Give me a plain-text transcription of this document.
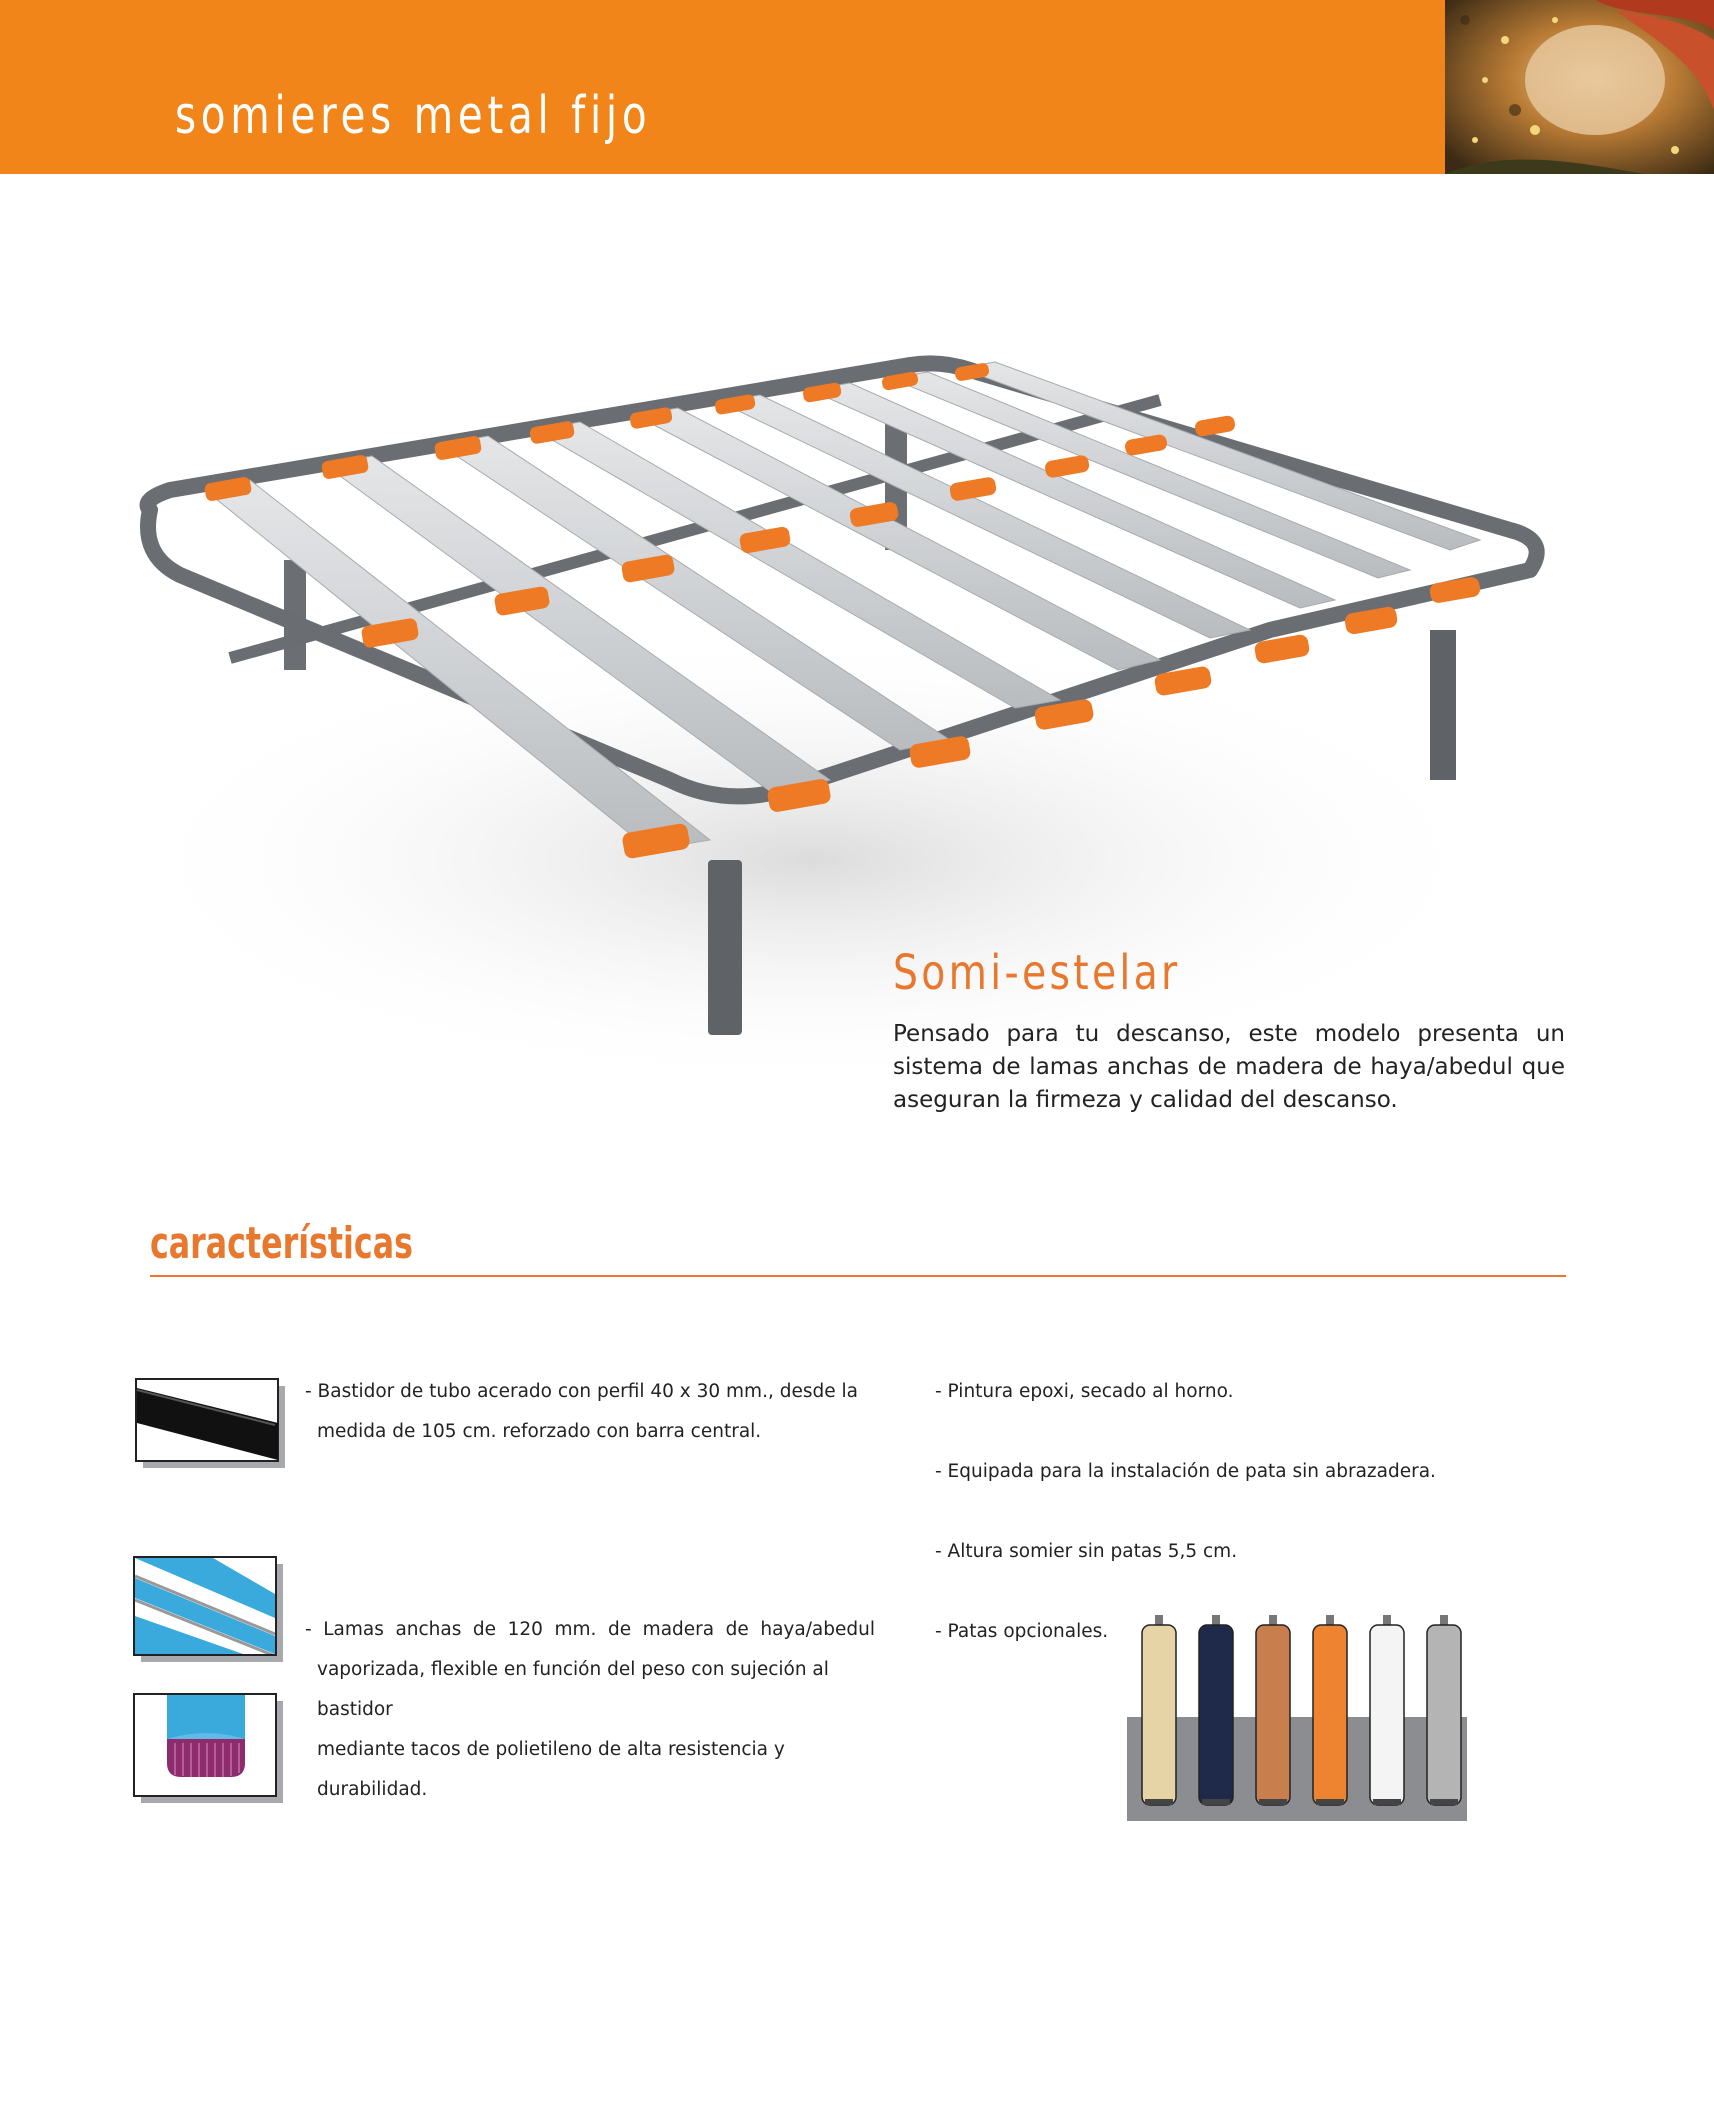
somieres metal fijo
Somi-estelar

Pensado para tu descanso, este modelo presenta un sistema de lamas anchas de madera de haya/abedul que aseguran la firmeza y calidad del descanso.

características
- Bastidor de tubo acerado con perfil 40 x 30 mm., desde la
medida de 105 cm. reforzado con barra central.
- Lamas anchas de 120 mm. de madera de haya/abedul
vaporizada, flexible en función del peso con sujeción al bastidor
mediante tacos de polietileno de alta resistencia y durabilidad.
- Pintura epoxi, secado al horno.
- Equipada para la instalación de pata sin abrazadera.
- Altura somier sin patas 5,5 cm.
- Patas opcionales.
